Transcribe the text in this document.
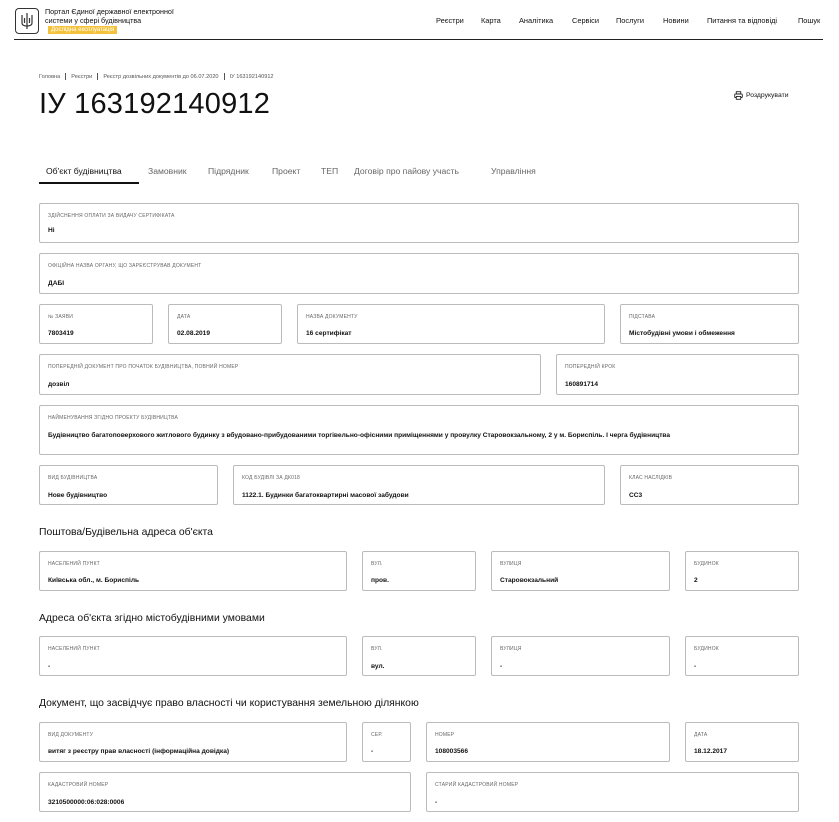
Портал Єдиної державної електронної системи у сфері будівництваДослідна експлуатація
Реєстри Карта Аналітика	Сервіси Послуги	Новини Питання та відповіді	Пошук
Головна Реєстри Реєстр дозвільних документів до 06.07.2020 ІУ 163192140912
ІУ 163192140912	Роздрукувати
Об'єкт будівництва	Замовник Підрядник	Проект ТЕП Договір про пайову участь	Управління
ЗДІЙСНЕННЯ ОПЛАТИ ЗА ВИДАЧУ СЕРТИФІКАТА
Ні
ОФІЦІЙНА НАЗВА ОРГАНУ, ЩО ЗАРЕЄСТРУВАВ ДОКУМЕНТ
ДАБІ
№ ЗАЯВИ
7803419
ДАТА
02.08.2019
НАЗВА ДОКУМЕНТУ
16 сертифікат
ПІДСТАВА
Містобудівні умови і обмеження
ПОПЕРЕДНІЙ ДОКУМЕНТ ПРО ПОЧАТОК БУДІВНИЦТВА, ПОВНИЙ НОМЕР
дозвіл
ПОПЕРЕДНІЙ КРОК
160891714
НАЙМЕНУВАННЯ ЗГІДНО ПРОЕКТУ БУДІВНИЦТВА
Будівництво багатоповерхового житлового будинку з вбудовано-прибудованими торгівельно-офісними приміщеннями у провулку Старовокзальному, 2 у м. Бориспіль. І черга будівництва
ВИД БУДІВНИЦТВА
Нове будівництво
КОД БУДІВЛІ ЗА ДК018
1122.1. Будинки багатоквартирні масової забудови
КЛАС НАСЛІДКІВ
СС3
Поштова/Будівельна адреса об'єкта
НАСЕЛЕНИЙ ПУНКТ
Київська обл., м. Бориспіль
ВУЛ.
пров.
ВУЛИЦЯ
Старовокзальний
БУДИНОК
2
Адреса об'єкта згідно містобудівними умовами
НАСЕЛЕНИЙ ПУНКТ
-
ВУЛ.
вул.
ВУЛИЦЯ
-
БУДИНОК
-
Документ, що засвідчує право власності чи користування земельною ділянкою
ВИД ДОКУМЕНТУ
витяг з реєстру прав власності (інформаційна довідка)
СЕР.
-
НОМЕР
108003566
ДАТА
18.12.2017
КАДАСТРОВИЙ НОМЕР
3210500000:06:028:0006
СТАРИЙ КАДАСТРОВИЙ НОМЕР
-
